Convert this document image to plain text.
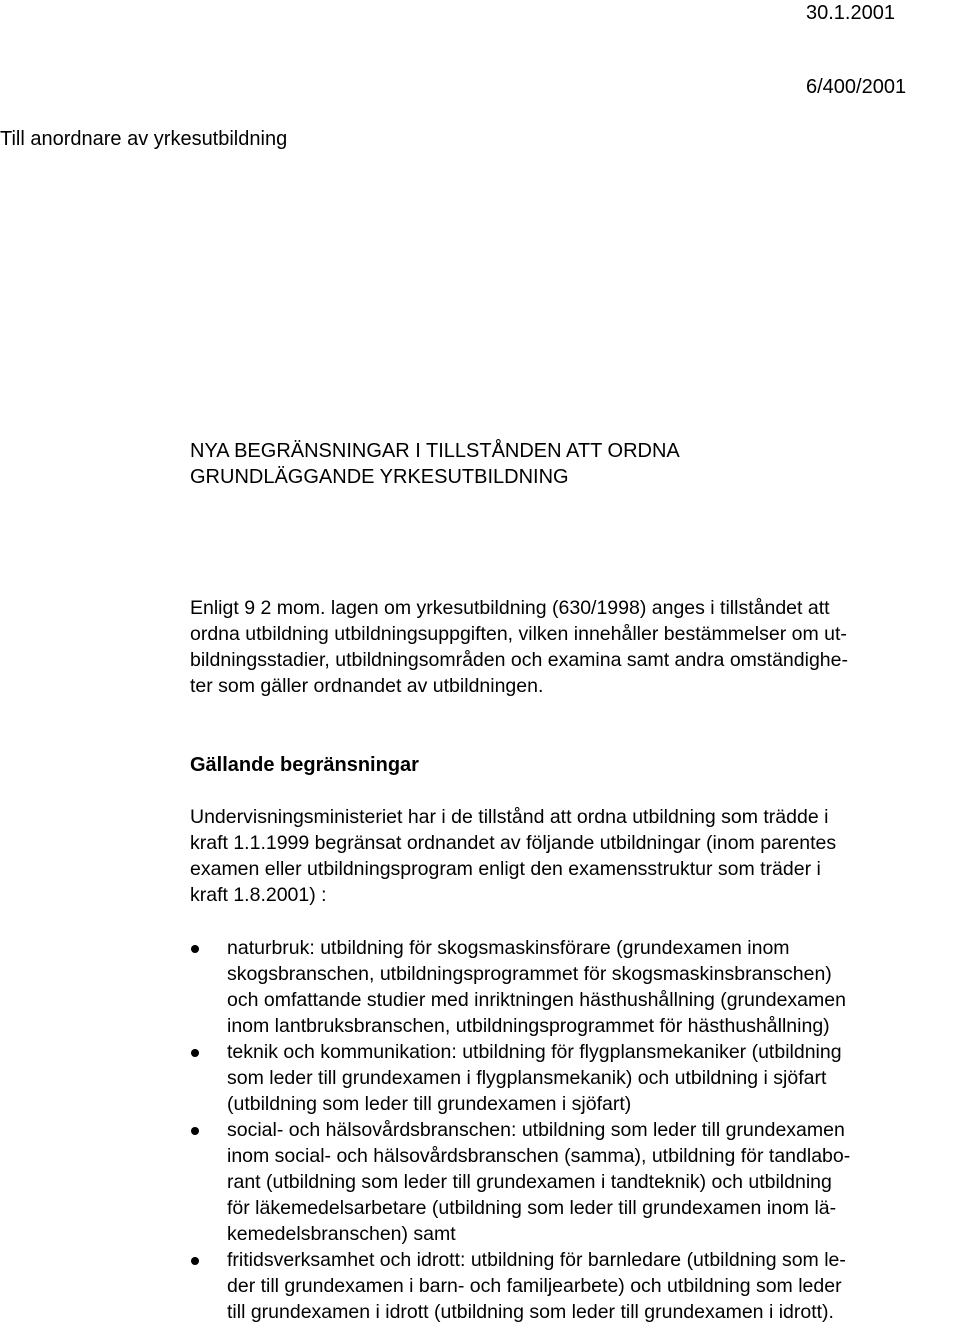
30.1.2001
6/400/2001
Till anordnare av yrkesutbildning
NYA BEGRÄNSNINGAR I TILLSTÅNDEN ATT ORDNA
GRUNDLÄGGANDE YRKESUTBILDNING
Enligt 9 2 mom. lagen om yrkesutbildning (630/1998) anges i tillståndet att
ordna utbildning utbildningsuppgiften, vilken innehåller bestämmelser om ut-
bildningsstadier, utbildningsområden och examina samt andra omständighe-
ter som gäller ordnandet av utbildningen.
Gällande begränsningar
Undervisningsministeriet har i de tillstånd att ordna utbildning som trädde i
kraft 1.1.1999 begränsat ordnandet av följande utbildningar (inom parentes
examen eller utbildningsprogram enligt den examensstruktur som träder i
kraft 1.8.2001) :
naturbruk: utbildning för skogsmaskinsförare (grundexamen inom
skogsbranschen, utbildningsprogrammet för skogsmaskinsbranschen)
och omfattande studier med inriktningen hästhushållning (grundexamen
inom lantbruksbranschen, utbildningsprogrammet för hästhushållning)
teknik och kommunikation: utbildning för flygplansmekaniker (utbildning
som leder till grundexamen i flygplansmekanik) och utbildning i sjöfart
(utbildning som leder till grundexamen i sjöfart)
social- och hälsovårdsbranschen: utbildning som leder till grundexamen
inom social- och hälsovårdsbranschen (samma), utbildning för tandlabo-
rant (utbildning som leder till grundexamen i tandteknik) och utbildning
för läkemedelsarbetare (utbildning som leder till grundexamen inom lä-
kemedelsbranschen) samt
fritidsverksamhet och idrott: utbildning för barnledare (utbildning som le-
der till grundexamen i barn- och familjearbete) och utbildning som leder
till grundexamen i idrott (utbildning som leder till grundexamen i idrott).
